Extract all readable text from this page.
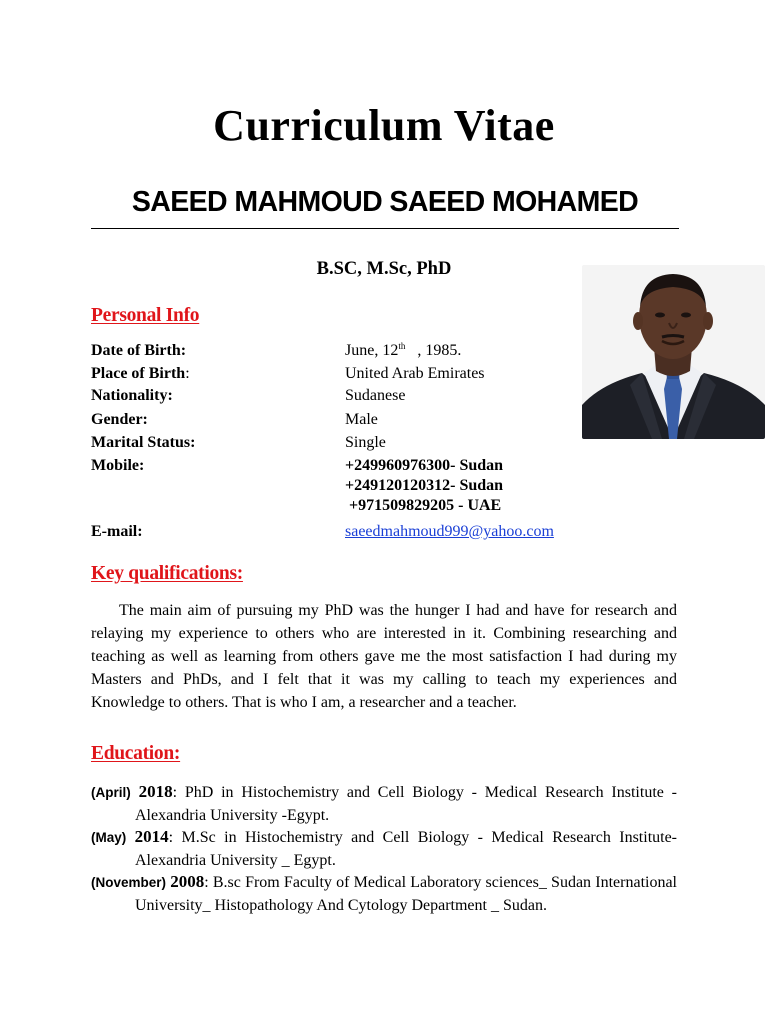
Curriculum Vitae
SAEED MAHMOUD SAEED MOHAMED
B.SC, M.Sc, PhD
Personal Info
Date of Birth:	June, 12th   , 1985.
Place of Birth:	United Arab Emirates
Nationality:	Sudanese
Gender:	Male
Marital Status:	Single
Mobile:	+249960976300- Sudan
+249120120312- Sudan
+971509829205 - UAE
E-mail:	saeedmahmoud999@yahoo.com
Key qualifications:
The main aim of pursuing my PhD was the hunger I had and have for research and relaying my experience to others who are interested in it. Combining researching and teaching as well as learning from others gave me the most satisfaction I had during my Masters and PhDs, and I felt that it was my calling to teach my experiences and Knowledge to others. That is who I am, a researcher and a teacher.
Education:
(April) 2018: PhD in Histochemistry and Cell Biology - Medical Research Institute -Alexandria University -Egypt.
(May) 2014: M.Sc in Histochemistry and Cell Biology - Medical Research Institute- Alexandria University _ Egypt.
(November) 2008: B.sc From Faculty of Medical Laboratory sciences_ Sudan International University_ Histopathology And Cytology Department _ Sudan.
